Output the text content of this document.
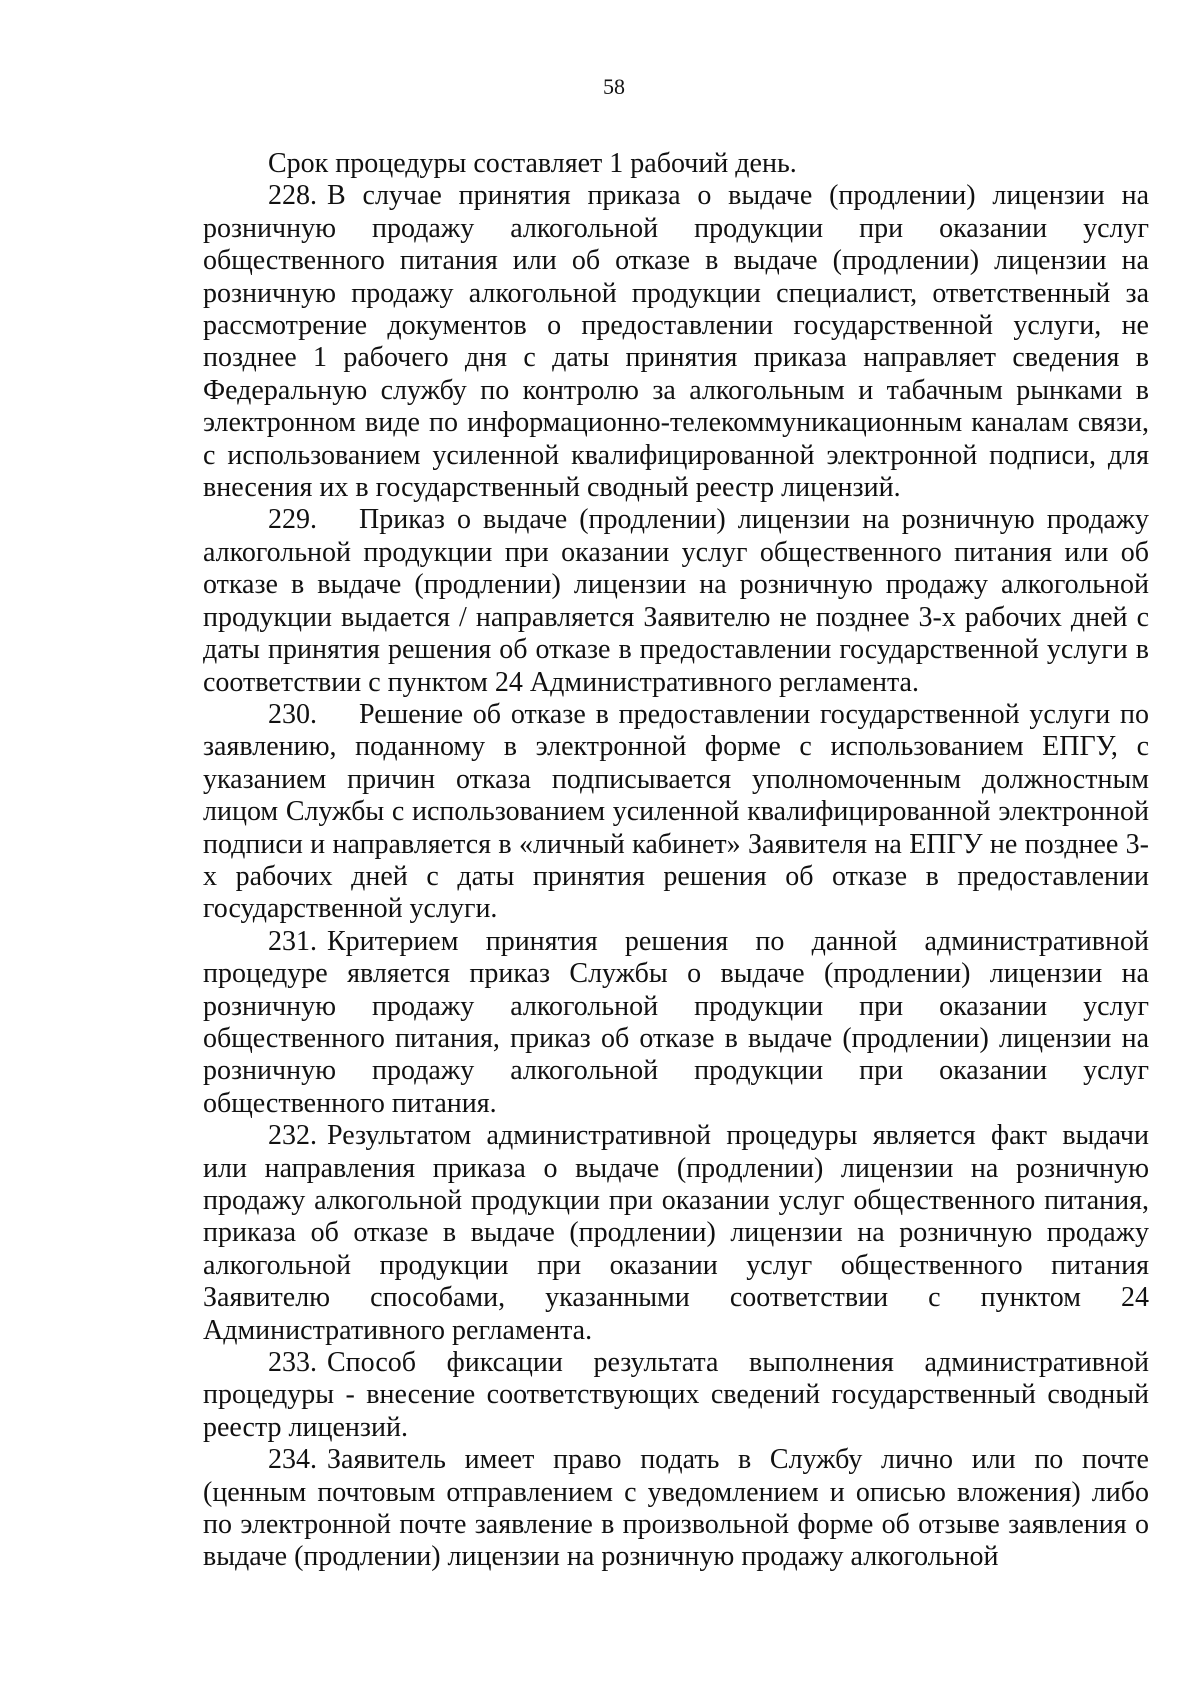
58

Срок процедуры составляет 1 рабочий день.

228. В случае принятия приказа о выдаче (продлении) лицензии на розничную продажу алкогольной продукции при оказании услуг общественного питания или об отказе в выдаче (продлении) лицензии на розничную продажу алкогольной продукции специалист, ответственный за рассмотрение документов о предоставлении государственной услуги, не позднее 1 рабочего дня с даты принятия приказа направляет сведения в Федеральную службу по контролю за алкогольным и табачным рынками в электронном виде по информационно-телекоммуникационным каналам связи, с использованием усиленной квалифицированной электронной подписи, для внесения их в государственный сводный реестр лицензий.

229. Приказ о выдаче (продлении) лицензии на розничную продажу алкогольной продукции при оказании услуг общественного питания или об отказе в выдаче (продлении) лицензии на розничную продажу алкогольной продукции выдается / направляется Заявителю не позднее 3-х рабочих дней с даты принятия решения об отказе в предоставлении государственной услуги в соответствии с пунктом 24 Административного регламента.

230. Решение об отказе в предоставлении государственной услуги по заявлению, поданному в электронной форме с использованием ЕПГУ, с указанием причин отказа подписывается уполномоченным должностным лицом Службы с использованием усиленной квалифицированной электронной подписи и направляется в «личный кабинет» Заявителя на ЕПГУ не позднее 3-х рабочих дней с даты принятия решения об отказе в предоставлении государственной услуги.

231. Критерием принятия решения по данной административной процедуре является приказ Службы о выдаче (продлении) лицензии на розничную продажу алкогольной продукции при оказании услуг общественного питания, приказ об отказе в выдаче (продлении) лицензии на розничную продажу алкогольной продукции при оказании услуг общественного питания.

232. Результатом административной процедуры является факт выдачи или направления приказа о выдаче (продлении) лицензии на розничную продажу алкогольной продукции при оказании услуг общественного питания, приказа об отказе в выдаче (продлении) лицензии на розничную продажу алкогольной продукции при оказании услуг общественного питания Заявителю способами, указанными соответствии с пунктом 24 Административного регламента.

233. Способ фиксации результата выполнения административной процедуры - внесение соответствующих сведений государственный сводный реестр лицензий.

234. Заявитель имеет право подать в Службу лично или по почте (ценным почтовым отправлением с уведомлением и описью вложения) либо по электронной почте заявление в произвольной форме об отзыве заявления о выдаче (продлении) лицензии на розничную продажу алкогольной
